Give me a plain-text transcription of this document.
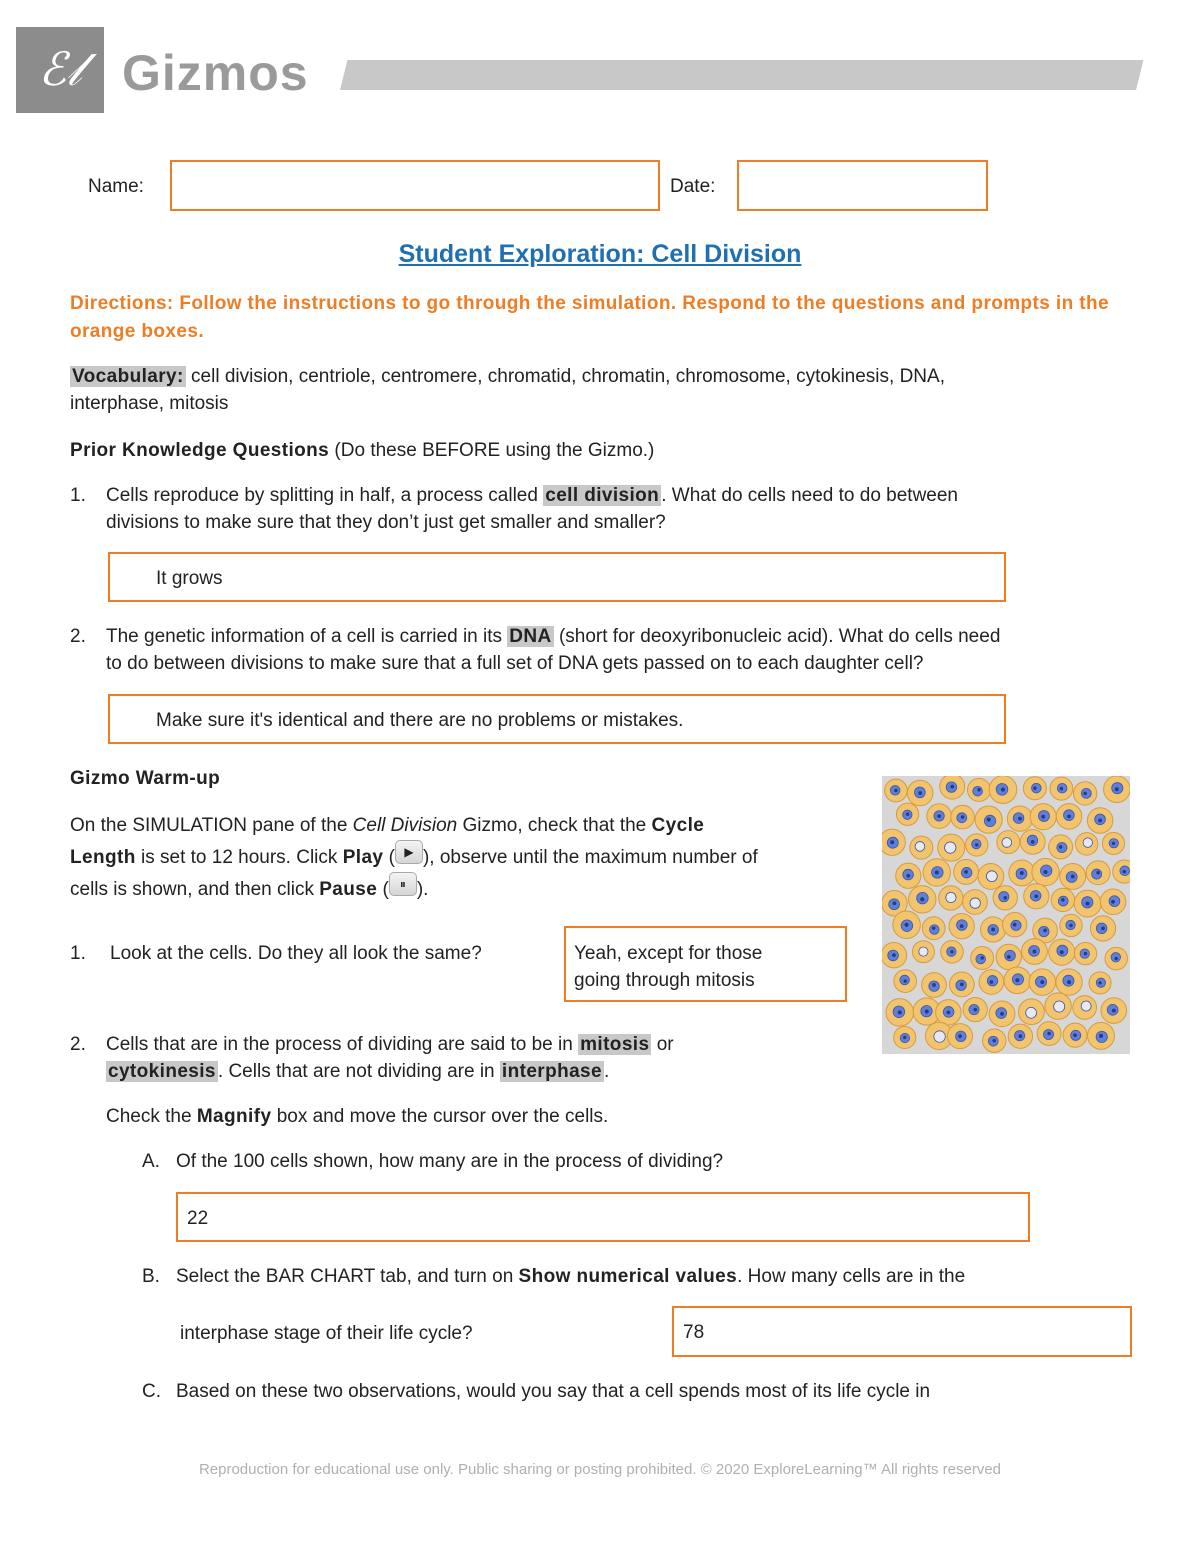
ℰ𝓁 Gizmos
Name:	Date:
Student Exploration: Cell Division
Directions: Follow the instructions to go through the simulation. Respond to the questions and prompts in the orange boxes.
Vocabulary: cell division, centriole, centromere, chromatid, chromatin, chromosome, cytokinesis, DNA,
interphase, mitosis
Prior Knowledge Questions (Do these BEFORE using the Gizmo.)
1. Cells reproduce by splitting in half, a process called cell division . What do cells need to do between
divisions to make sure that they don’t just get smaller and smaller?
It grows
2. The genetic information of a cell is carried in its DNA (short for deoxyribonucleic acid). What do cells need
to do between divisions to make sure that a full set of DNA gets passed on to each daughter cell?
Make sure it's identical and there are no problems or mistakes.
Gizmo Warm-up
On the SIMULATION pane of the Cell Division Gizmo, check that the Cycle
Length is set to 12 hours. Click Play ( ▶ ), observe until the maximum number of
cells is shown, and then click Pause ( ⏸ ).
1. Look at the cells. Do they all look the same?	Yeah, except for those
going through mitosis
2. Cells that are in the process of dividing are said to be in mitosis or
cytokinesis . Cells that are not dividing are in interphase .
Check the Magnify box and move the cursor over the cells.
A. Of the 100 cells shown, how many are in the process of dividing?
22
B. Select the BAR CHART tab, and turn on Show numerical values. How many cells are in the
interphase stage of their life cycle?	78
C. Based on these two observations, would you say that a cell spends most of its life cycle in
Reproduction for educational use only. Public sharing or posting prohibited. © 2020 ExploreLearning™ All rights reserved
